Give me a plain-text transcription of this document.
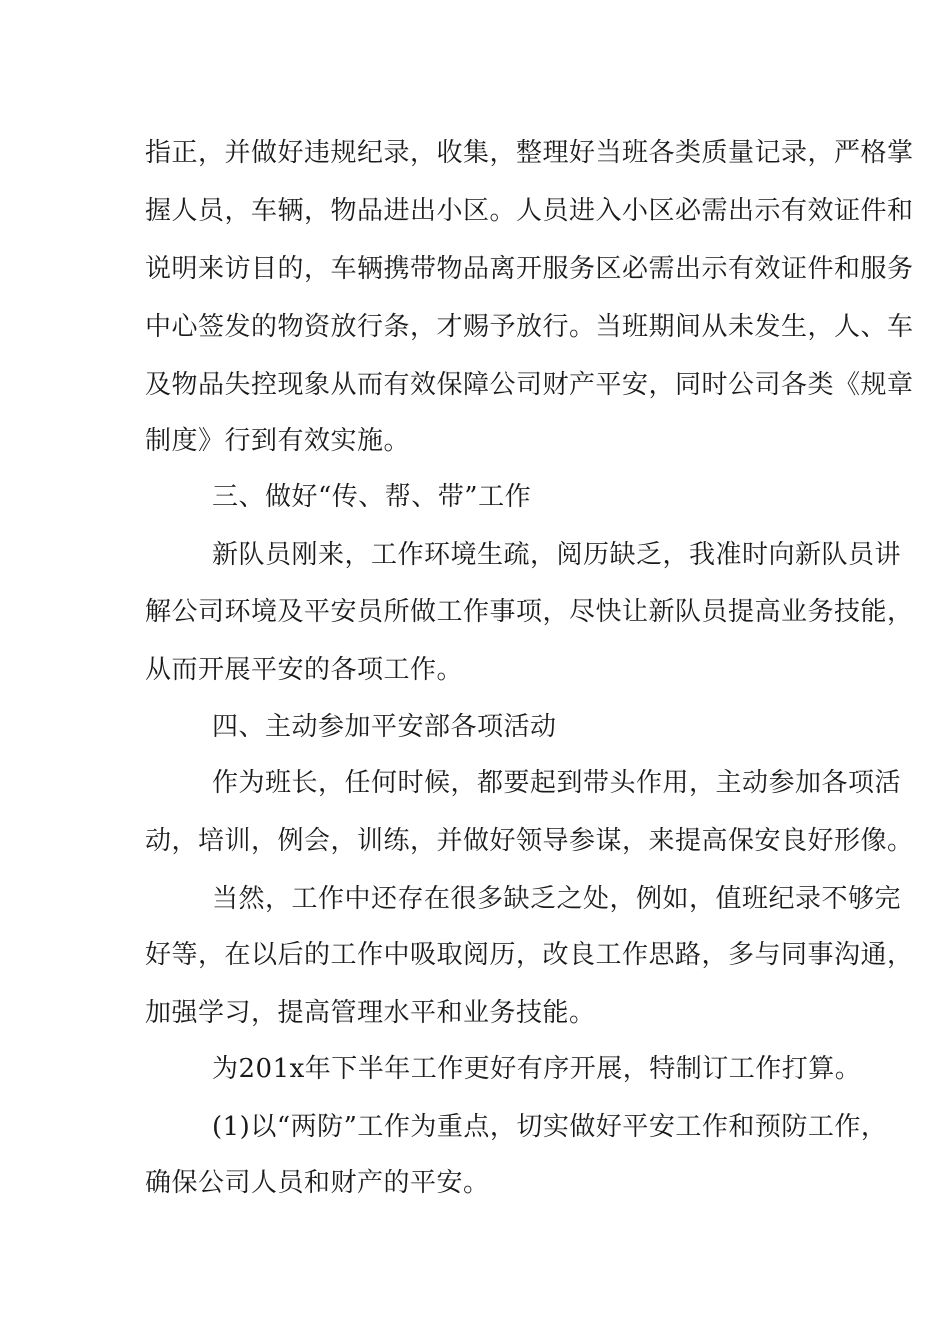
指正，并做好违规纪录，收集，整理好当班各类质量记录，严格掌
握人员，车辆，物品进出小区。人员进入小区必需出示有效证件和
说明来访目的，车辆携带物品离开服务区必需出示有效证件和服务
中心签发的物资放行条，才赐予放行。当班期间从未发生，人、车
及物品失控现象从而有效保障公司财产平安，同时公司各类《规章
制度》行到有效实施。
三、做好“传、帮、带”工作
新队员刚来，工作环境生疏，阅历缺乏，我准时向新队员讲
解公司环境及平安员所做工作事项，尽快让新队员提高业务技能，
从而开展平安的各项工作。
四、主动参加平安部各项活动
作为班长，任何时候，都要起到带头作用，主动参加各项活
动，培训，例会，训练，并做好领导参谋，来提高保安良好形像。
当然，工作中还存在很多缺乏之处，例如，值班纪录不够完
好等，在以后的工作中吸取阅历，改良工作思路，多与同事沟通，
加强学习，提高管理水平和业务技能。
为201x年下半年工作更好有序开展，特制订工作打算。
(1)以“两防”工作为重点，切实做好平安工作和预防工作，
确保公司人员和财产的平安。
